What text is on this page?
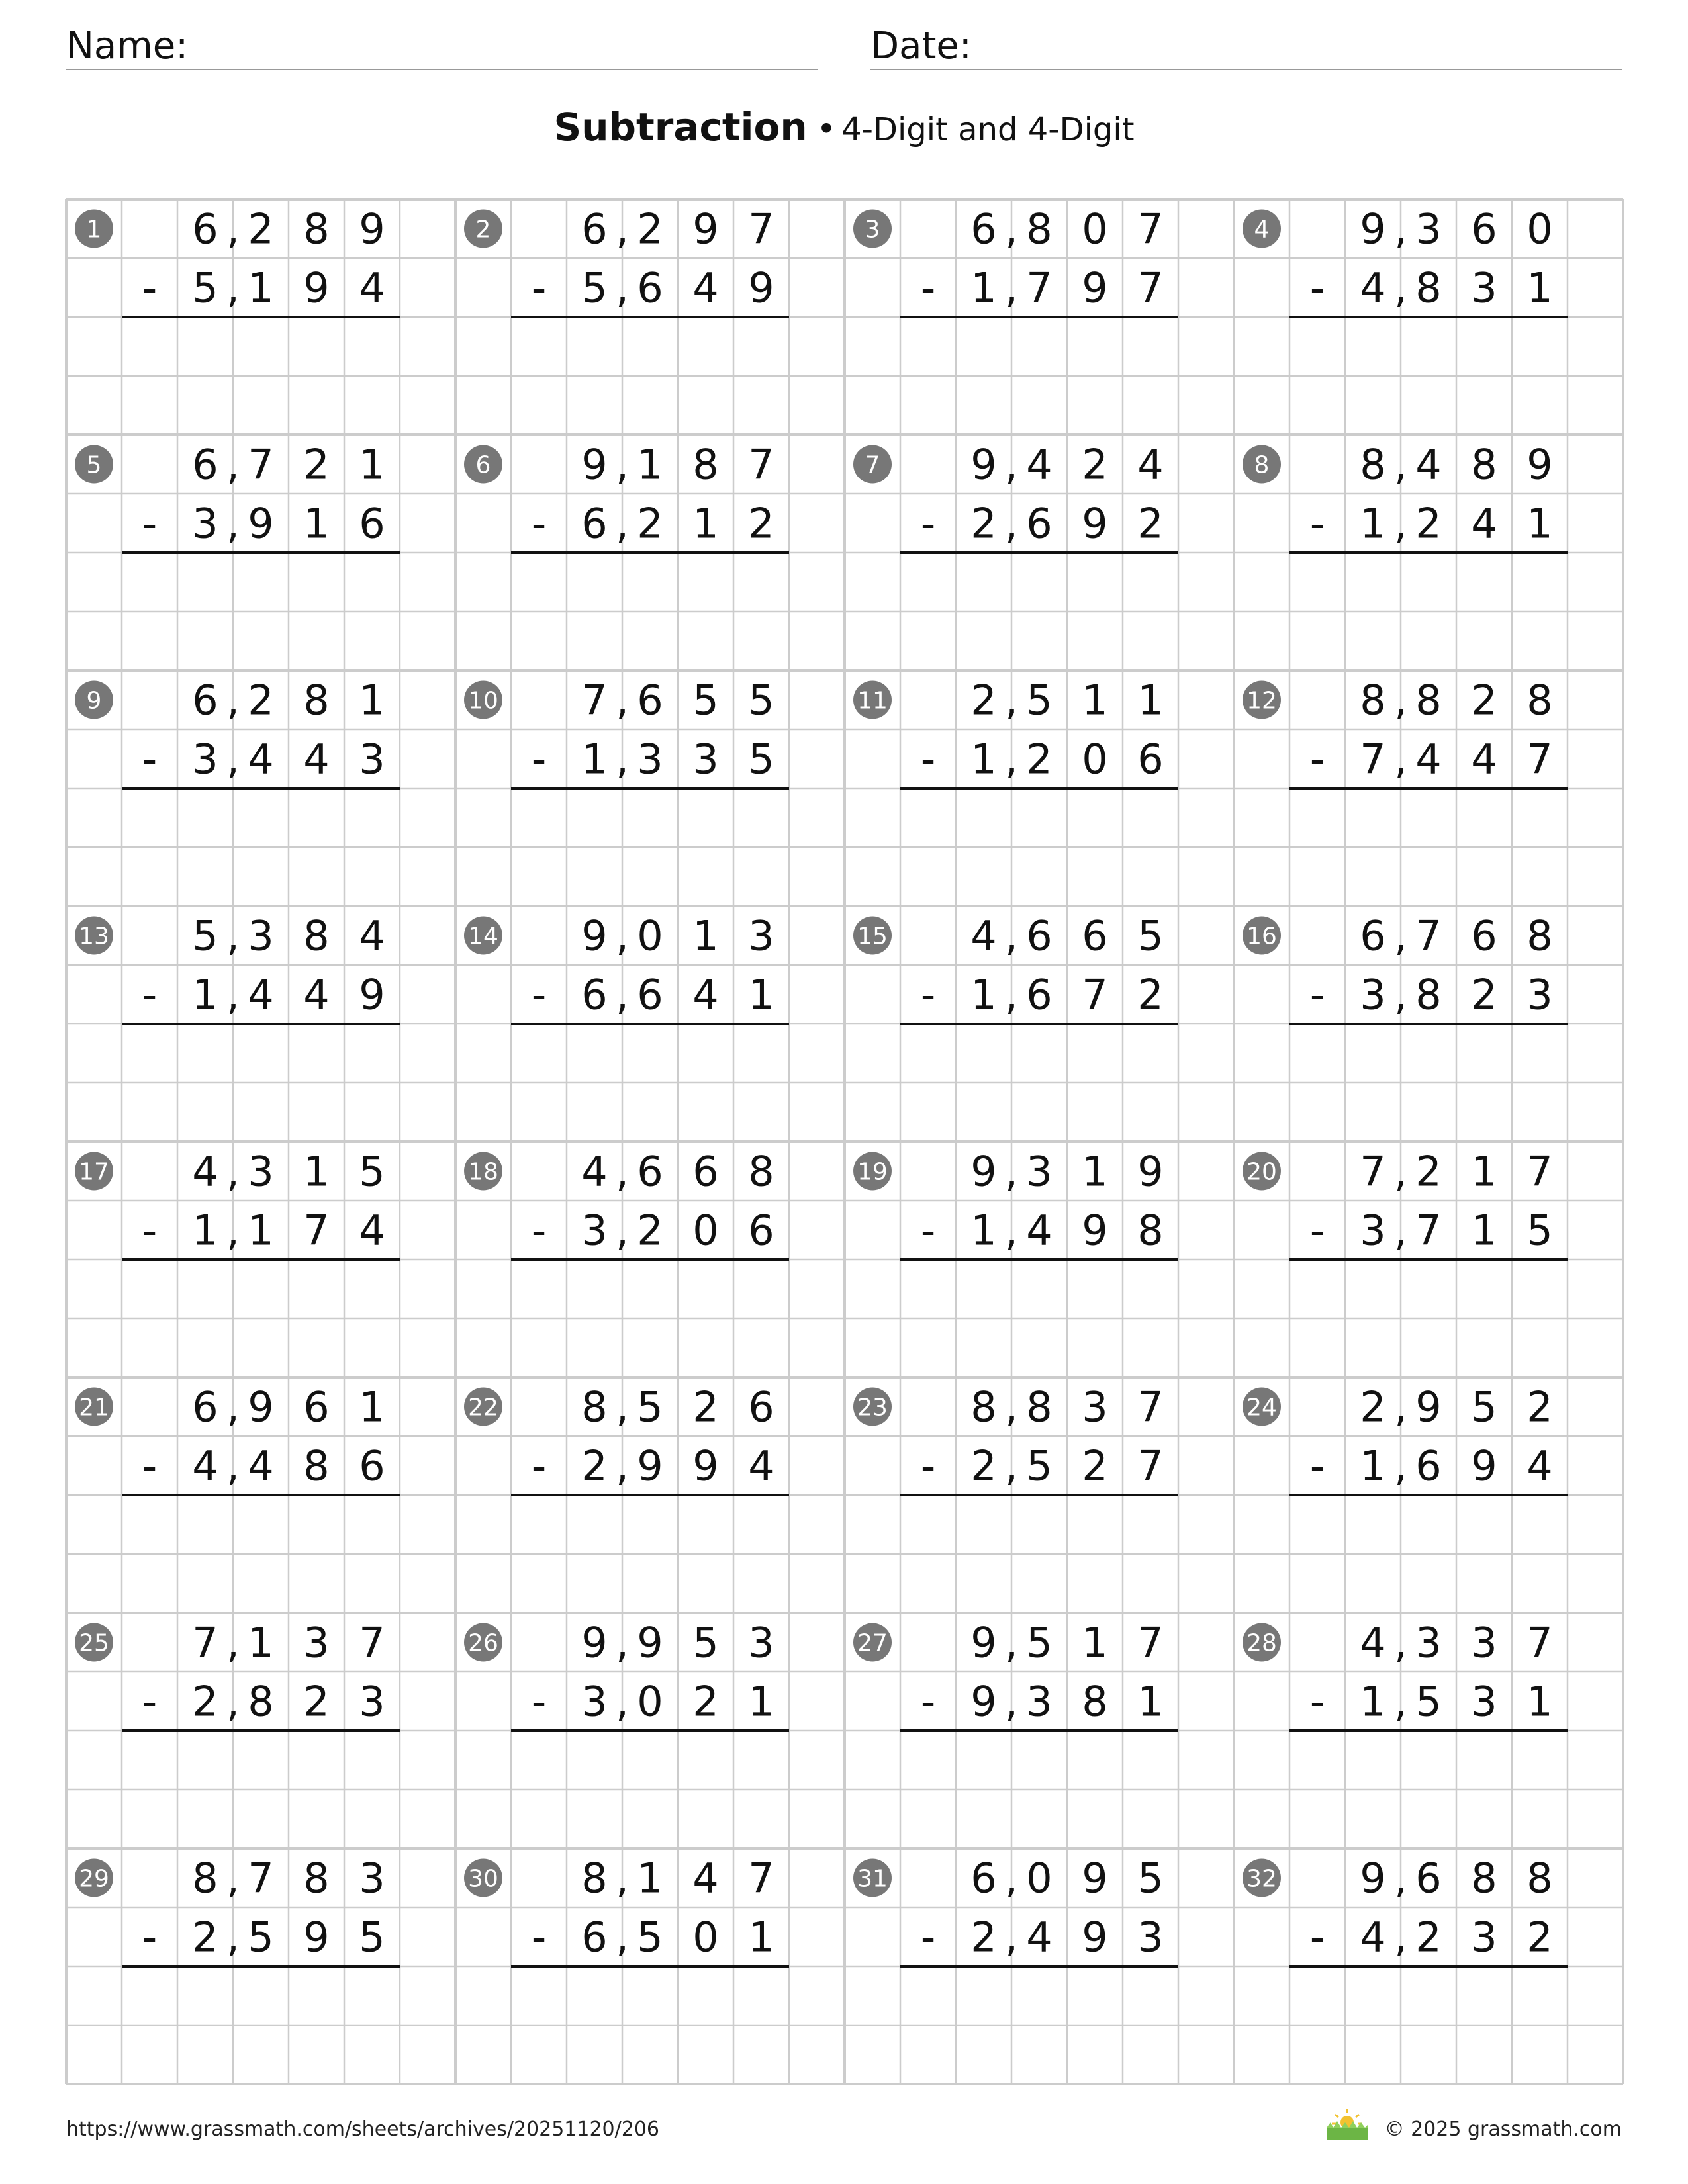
Name:	Date:
Subtraction • 4-Digit and 4-Digit
1 6 2 8 9
,
5 1 9 4
,
-
2 6 2 9 7
,
5 6 4 9
,
-
3 6 8 0 7
,
1 7 9 7
,
-
4 9 3 6 0
,
4 8 3 1
,
-
5 6 7 2 1
,
3 9 1 6
,
-
6 9 1 8 7
,
6 2 1 2
,
-
7 9 4 2 4
,
2 6 9 2
,
-
8 8 4 8 9
,
1 2 4 1
,
-
9 6 2 8 1
,
3 4 4 3
,
-
10 7 6 5 5
,
1 3 3 5
,
-
11 2 5 1 1
,
1 2 0 6
,
-
12 8 8 2 8
,
7 4 4 7
,
-
13 5 3 8 4
,
1 4 4 9
,
-
14 9 0 1 3
,
6 6 4 1
,
-
15 4 6 6 5
,
1 6 7 2
,
-
16 6 7 6 8
,
3 8 2 3
,
-
17 4 3 1 5
,
1 1 7 4
,
-
18 4 6 6 8
,
3 2 0 6
,
-
19 9 3 1 9
,
1 4 9 8
,
-
20 7 2 1 7
,
3 7 1 5
,
-
21 6 9 6 1
,
4 4 8 6
,
-
22 8 5 2 6
,
2 9 9 4
,
-
23 8 8 3 7
,
2 5 2 7
,
-
24 2 9 5 2
,
1 6 9 4
,
-
25 7 1 3 7
,
2 8 2 3
,
-
26 9 9 5 3
,
3 0 2 1
,
-
27 9 5 1 7
,
9 3 8 1
,
-
28 4 3 3 7
,
1 5 3 1
,
-
29 8 7 8 3
,
2 5 9 5
,
-
30 8 1 4 7
,
6 5 0 1
,
-
31 6 0 9 5
,
2 4 9 3
,
-
32 9 6 8 8
,
4 2 3 2
,
-
https://www.grassmath.com/sheets/archives/20251120/206	© 2025 grassmath.com
